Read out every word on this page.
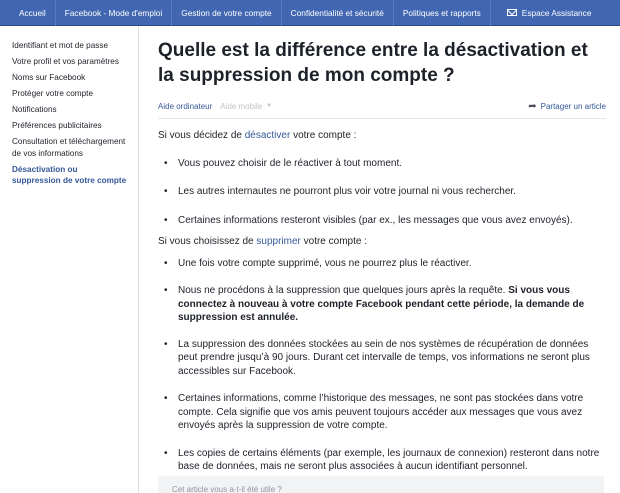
Accueil Facebook - Mode d'emploi Gestion de votre compte Confidentialité et sécurité Politiques et rapports	Espace Assistance
Identifiant et mot de passe
Votre profil et vos paramètres
Noms sur Facebook
Protéger votre compte
Notifications
Préférences publicitaires
Consultation et téléchargement de vos informations
Désactivation ou suppression de votre compte
Quelle est la différence entre la désactivation et la suppression de mon compte ?
Aide ordinateur Aide mobile ▼	➦ Partager un article

Si vous décidez de désactiver votre compte :

• Vous pouvez choisir de le réactiver à tout moment.
• Les autres internautes ne pourront plus voir votre journal ni vous rechercher.
• Certaines informations resteront visibles (par ex., les messages que vous avez envoyés).

Si vous choisissez de supprimer votre compte :

• Une fois votre compte supprimé, vous ne pourrez plus le réactiver.
• Nous ne procédons à la suppression que quelques jours après la requête. Si vous vous connectez à nouveau à votre compte Facebook pendant cette période, la demande de suppression est annulée.
• La suppression des données stockées au sein de nos systèmes de récupération de données peut prendre jusqu’à 90 jours. Durant cet intervalle de temps, vos informations ne seront plus accessibles sur Facebook.
• Certaines informations, comme l’historique des messages, ne sont pas stockées dans votre compte. Cela signifie que vos amis peuvent toujours accéder aux messages que vous avez envoyés après la suppression de votre compte.
• Les copies de certains éléments (par exemple, les journaux de connexion) resteront dans notre base de données, mais ne seront plus associées à aucun identifiant personnel.
Cet article vous a-t-il été utile ?
